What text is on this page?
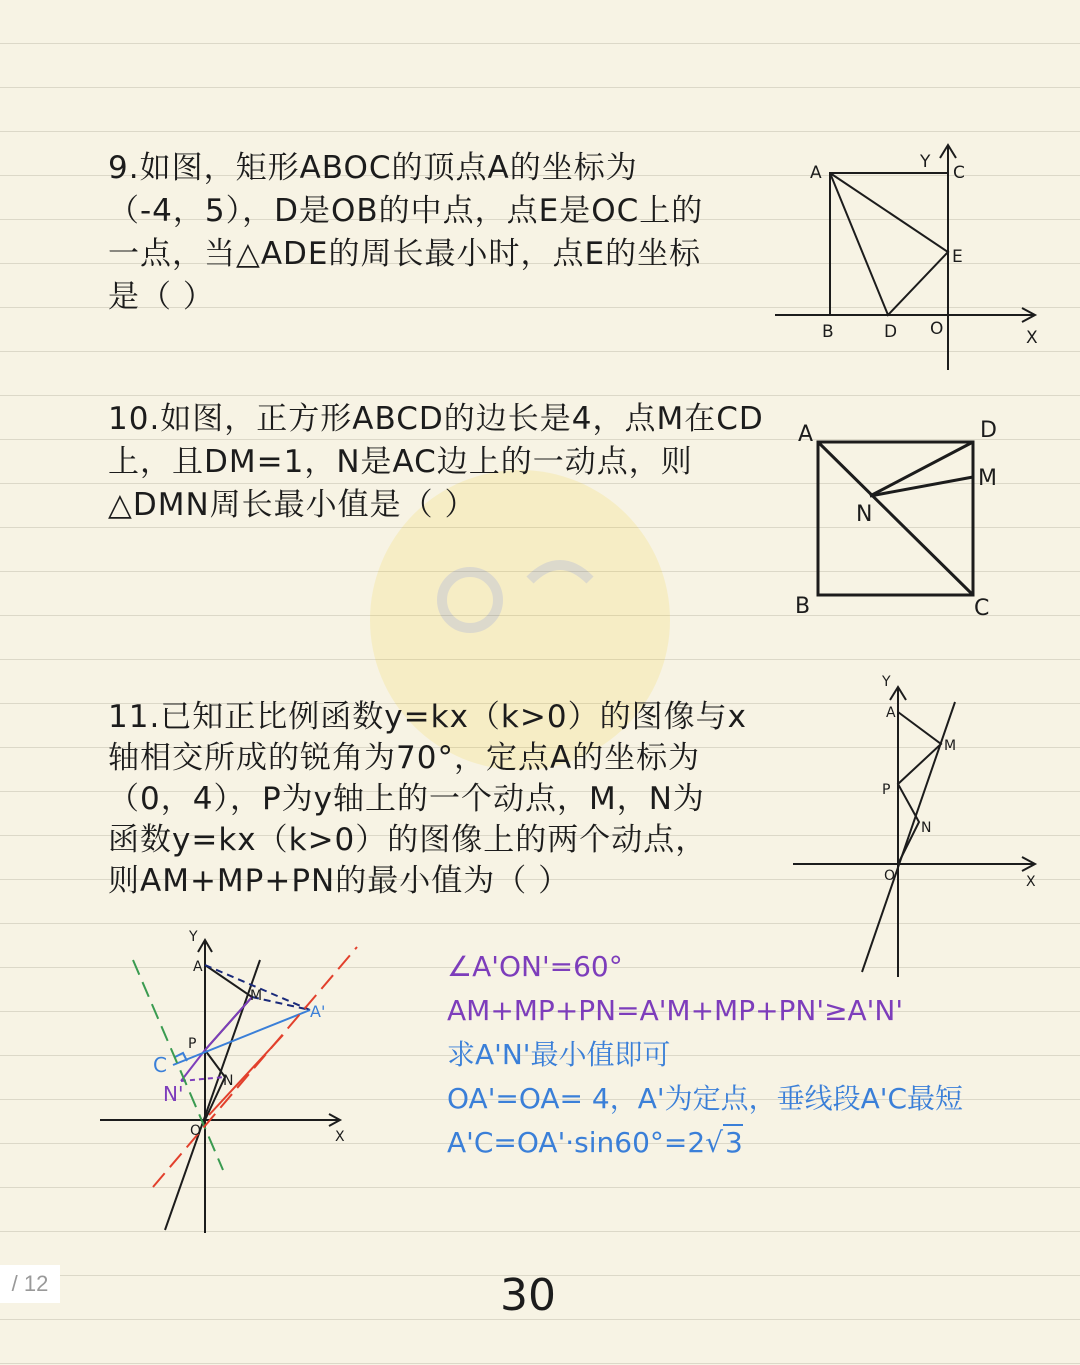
9.如图，矩形ABOC的顶点A的坐标为
（-4，5），D是OB的中点，点E是OC上的
一点，当△ADE的周长最小时，点E的坐标
是（ ）
A
Y
C
E
B	D O	X
10.如图，正方形ABCD的边长是4，点M在CD
上，且DM=1，N是AC边上的一动点，则
△DMN周长最小值是（ ）
A	D
M
N
B	C
11.已知正比例函数y=kx（k>0）的图像与x
轴相交所成的锐角为70°，定点A的坐标为
（0，4），P为y轴上的一个动点，M，N为
函数y=kx（k>0）的图像上的两个动点，
则AM+MP+PN的最小值为（ ）
Y
A
M
P
N
O	X
Y
A
M
P
N
O	X
A'
C
N'
∠A'ON'=60°
AM+MP+PN=A'M+MP+PN'≥A'N'
求A'N'最小值即可
OA'=OA= 4，A'为定点，垂线段A'C最短
A'C=OA'·sin60°=2√3
/ 12	30
